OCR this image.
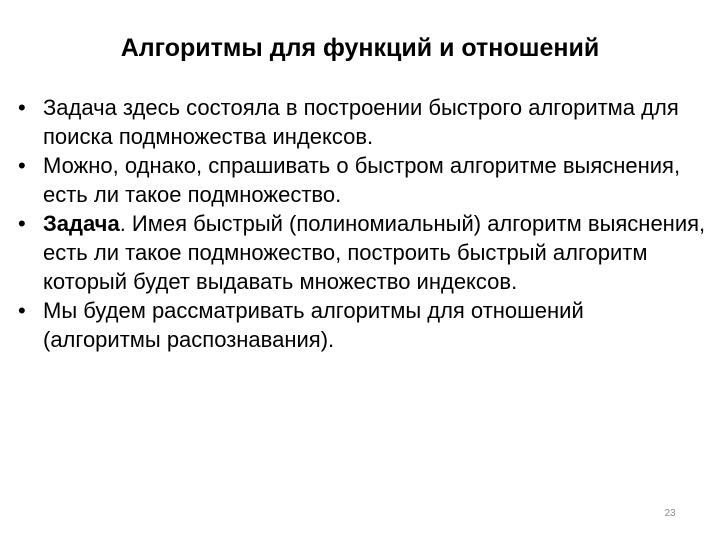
Алгоритмы для функций и отношений
• Задача здесь состояла в построении быстрого алгоритма для поиска подмножества индексов.
• Можно, однако, спрашивать о быстром алгоритме выяснения, есть ли такое подмножество.
• Задача. Имея быстрый (полиномиальный) алгоритм выяснения, есть ли такое подмножество, построить быстрый алгоритм который будет выдавать множество индексов.
• Мы будем рассматривать алгоритмы для отношений (алгоритмы распознавания).
23
